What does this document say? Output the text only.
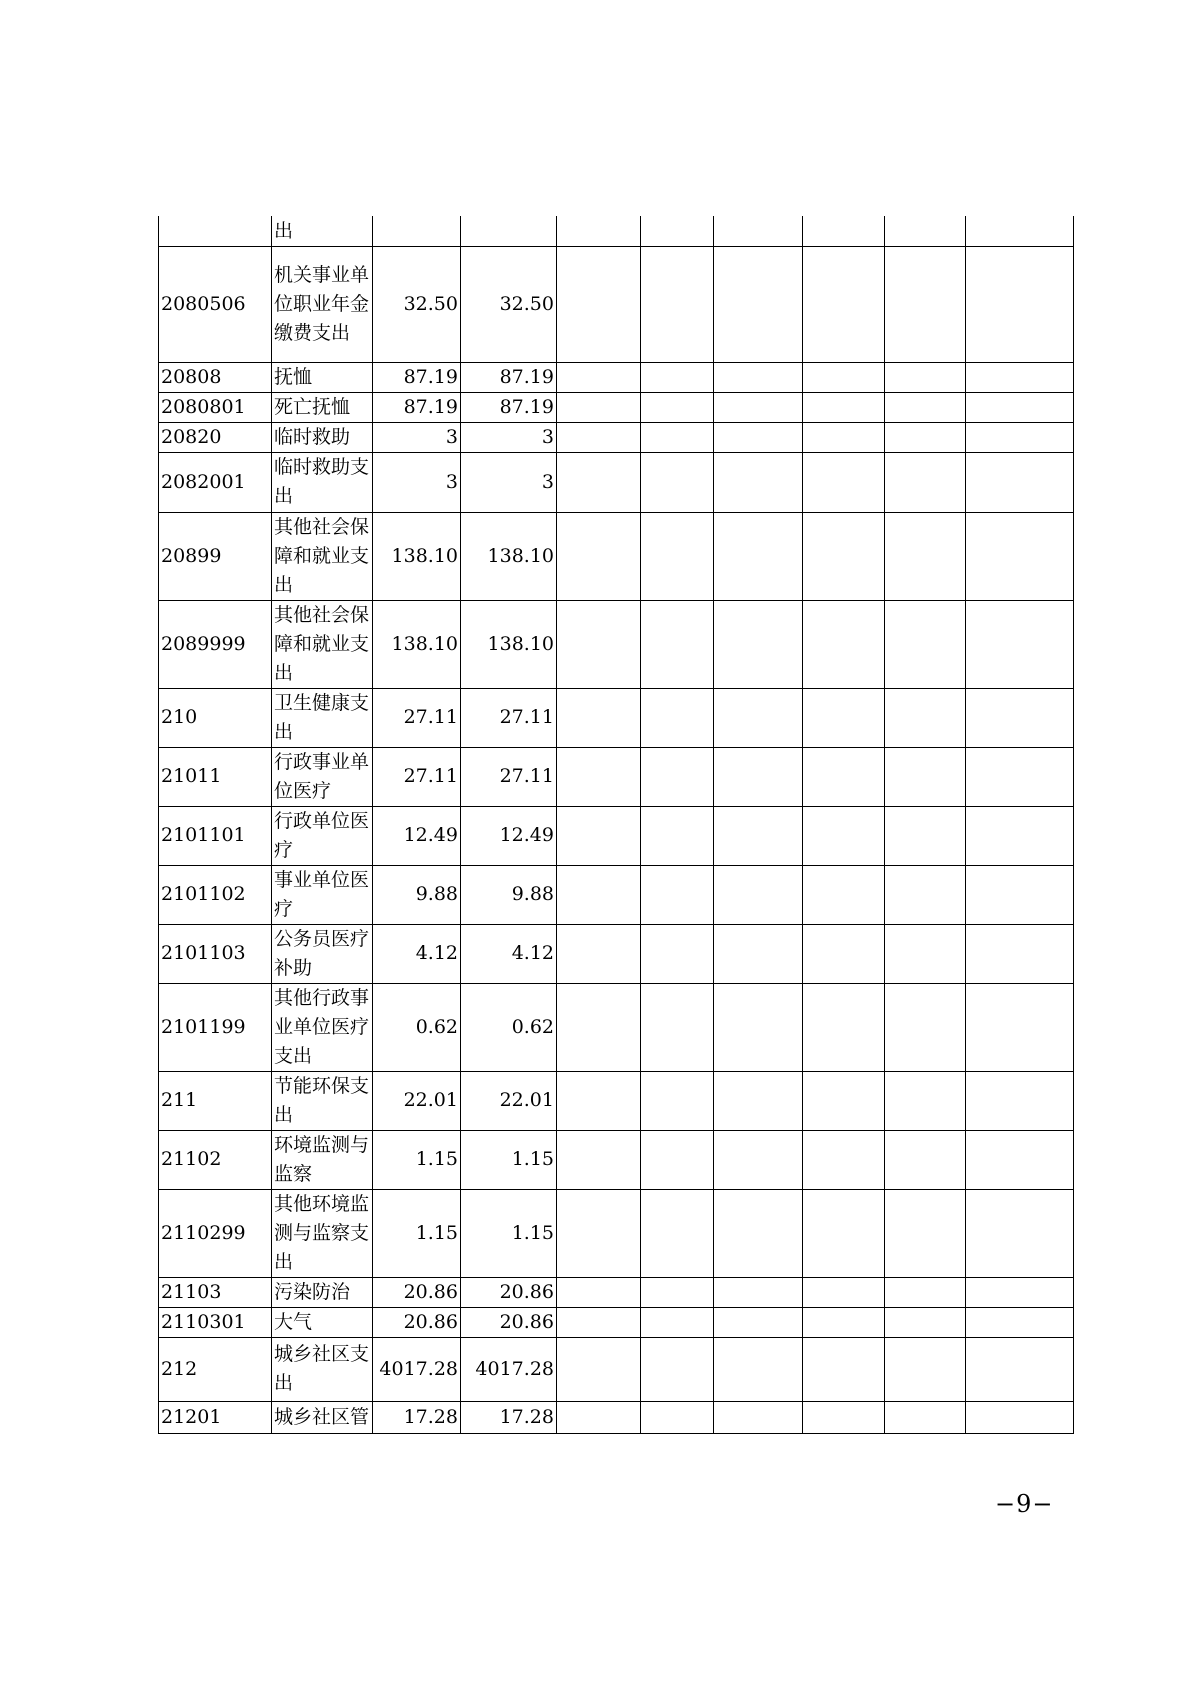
	出								
2080506	机关事业单位职业年金缴费支出	32.50	32.50						
20808	抚恤	87.19	87.19						
2080801	死亡抚恤	87.19	87.19						
20820	临时救助	3	3						
2082001	临时救助支出	3	3						
20899	其他社会保障和就业支出	138.10	138.10						
2089999	其他社会保障和就业支出	138.10	138.10						
210	卫生健康支出	27.11	27.11						
21011	行政事业单位医疗	27.11	27.11						
2101101	行政单位医疗	12.49	12.49						
2101102	事业单位医疗	9.88	9.88						
2101103	公务员医疗补助	4.12	4.12						
2101199	其他行政事业单位医疗支出	0.62	0.62						
211	节能环保支出	22.01	22.01						
21102	环境监测与监察	1.15	1.15						
2110299	其他环境监测与监察支出	1.15	1.15						
21103	污染防治	20.86	20.86						
2110301	大气	20.86	20.86						
212	城乡社区支出	4017.28	4017.28						
21201	城乡社区管	17.28	17.28						
−9−
